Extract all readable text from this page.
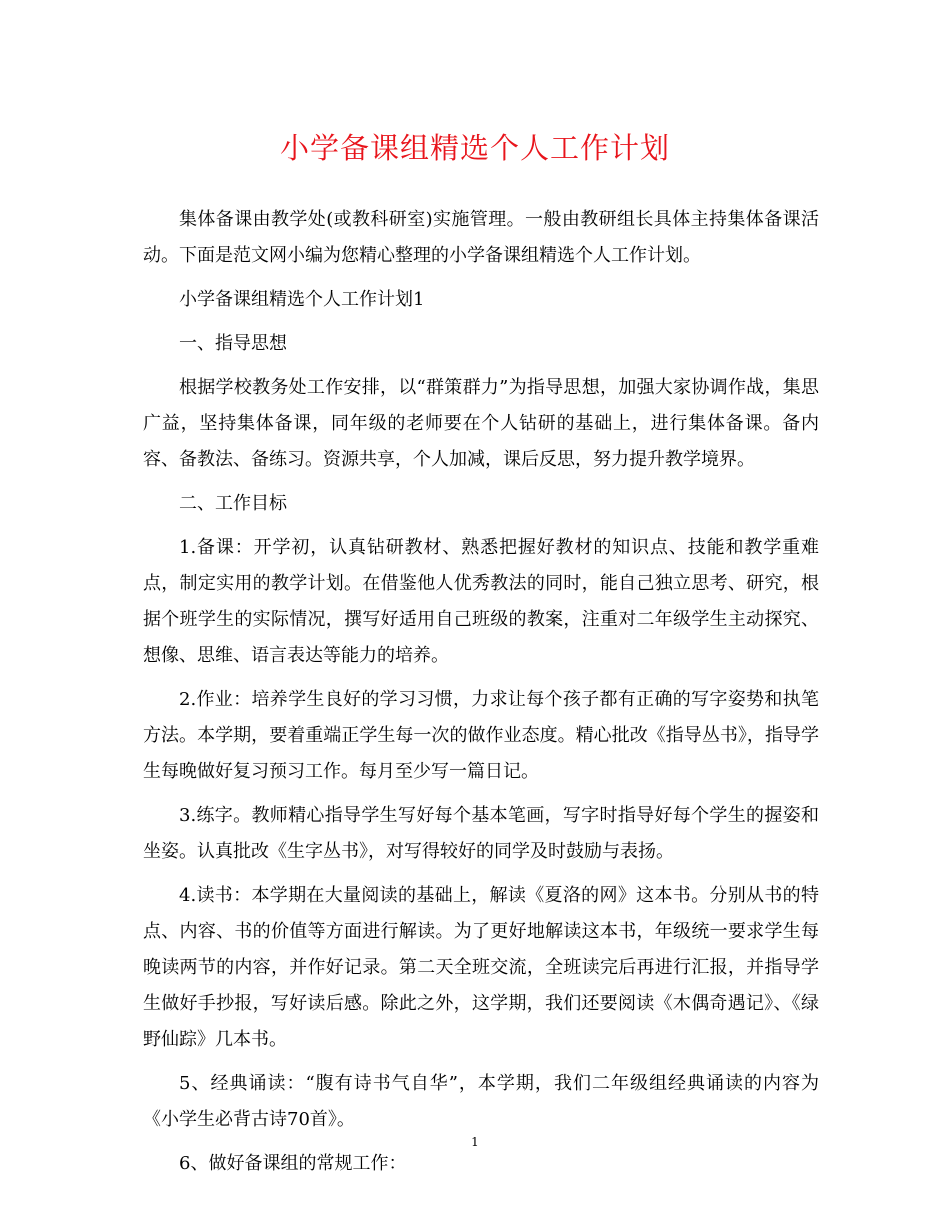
小学备课组精选个人工作计划

集体备课由教学处(或教科研室)实施管理。一般由教研组长具体主持集体备课活动。下面是范文网小编为您精心整理的小学备课组精选个人工作计划。

小学备课组精选个人工作计划1

一、指导思想

根据学校教务处工作安排，以“群策群力”为指导思想，加强大家协调作战，集思广益，坚持集体备课，同年级的老师要在个人钻研的基础上，进行集体备课。备内容、备教法、备练习。资源共享，个人加减，课后反思，努力提升教学境界。

二、工作目标

1.备课：开学初，认真钻研教材、熟悉把握好教材的知识点、技能和教学重难点，制定实用的教学计划。在借鉴他人优秀教法的同时，能自己独立思考、研究，根据个班学生的实际情况，撰写好适用自己班级的教案，注重对二年级学生主动探究、想像、思维、语言表达等能力的培养。

2.作业：培养学生良好的学习习惯，力求让每个孩子都有正确的写字姿势和执笔方法。本学期，要着重端正学生每一次的做作业态度。精心批改《指导丛书》，指导学生每晚做好复习预习工作。每月至少写一篇日记。

3.练字。教师精心指导学生写好每个基本笔画，写字时指导好每个学生的握姿和坐姿。认真批改《生字丛书》，对写得较好的同学及时鼓励与表扬。

4.读书：本学期在大量阅读的基础上，解读《夏洛的网》这本书。分别从书的特点、内容、书的价值等方面进行解读。为了更好地解读这本书，年级统一要求学生每晚读两节的内容，并作好记录。第二天全班交流，全班读完后再进行汇报，并指导学生做好手抄报，写好读后感。除此之外，这学期，我们还要阅读《木偶奇遇记》、《绿野仙踪》几本书。

5、经典诵读：“腹有诗书气自华”，本学期，我们二年级组经典诵读的内容为《小学生必背古诗70首》。

6、做好备课组的常规工作：

1
